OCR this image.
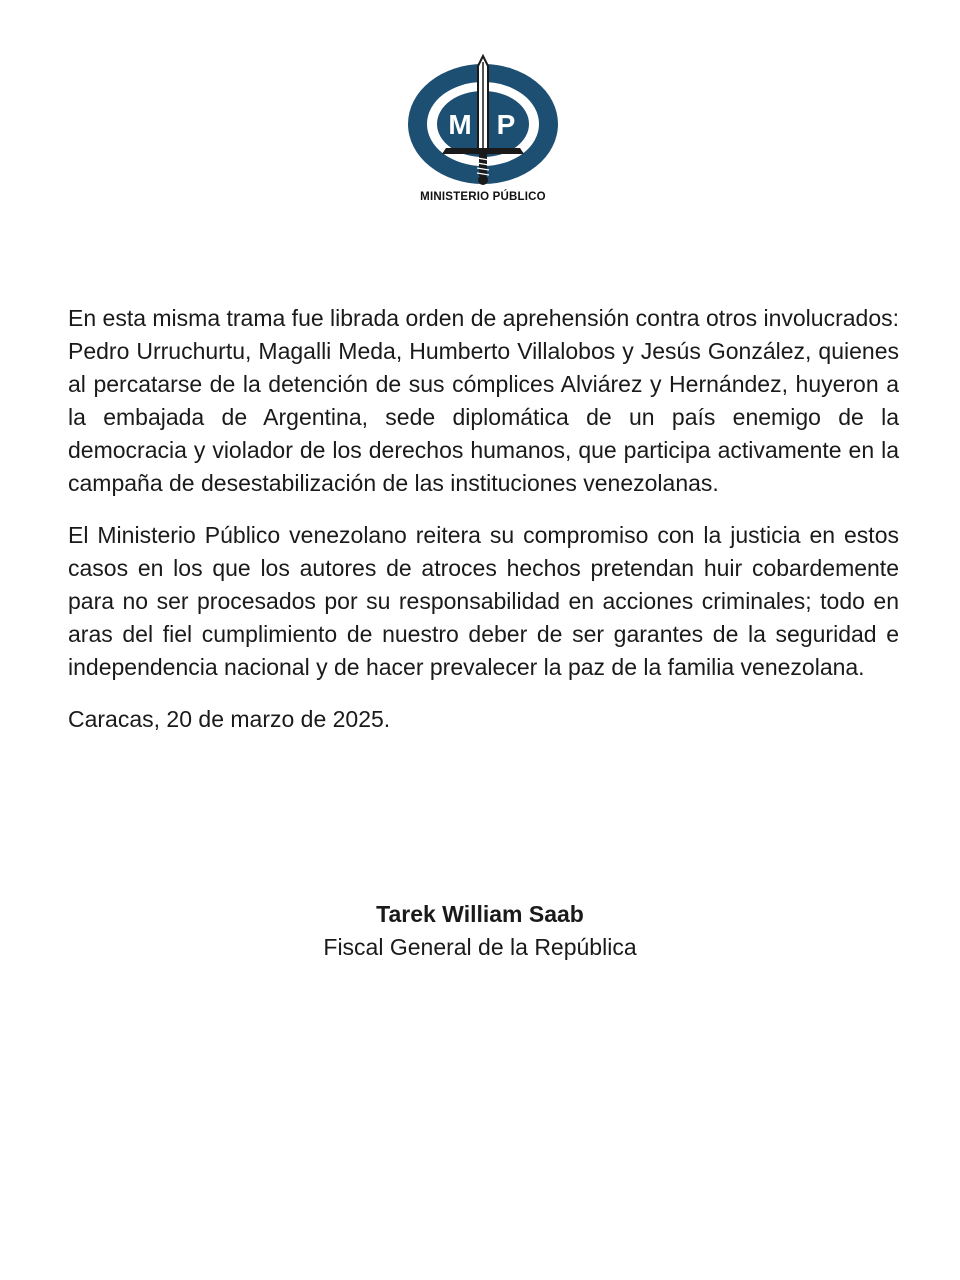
M P
MINISTERIO PÚBLICO

En esta misma trama fue librada orden de aprehensión contra otros involucrados: Pedro Urruchurtu, Magalli Meda, Humberto Villalobos y Jesús González, quienes al percatarse de la detención de sus cómplices Alviárez y Hernández, huyeron a la embajada de Argentina, sede diplomática de un país enemigo de la democracia y violador de los derechos humanos, que participa activamente en la campaña de desestabilización de las instituciones venezolanas.

El Ministerio Público venezolano reitera su compromiso con la justicia en estos casos en los que los autores de atroces hechos pretendan huir cobardemente para no ser procesados por su responsabilidad en acciones criminales; todo en aras del fiel cumplimiento de nuestro deber de ser garantes de la seguridad e independencia nacional y de hacer prevalecer la paz de la familia venezolana.

Caracas, 20 de marzo de 2025.

Tarek William Saab
Fiscal General de la República
